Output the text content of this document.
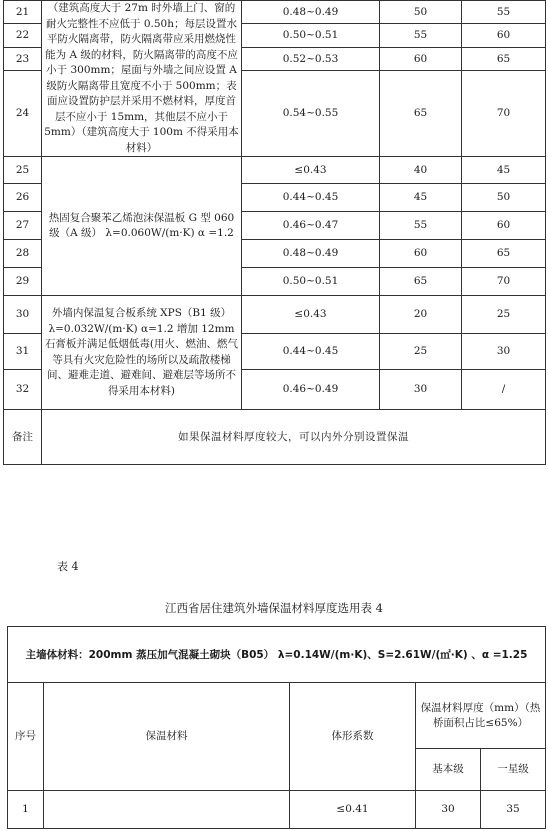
21	（建筑高度大于 27m 时外墙上门、窗的耐火完整性不应低于 0.50h；每层设置水平防火隔离带，防火隔离带应采用燃烧性能为 A 级的材料，防火隔离带的高度不应小于 300mm；屋面与外墙之间应设置 A 级防火隔离带且宽度不小于 500mm；表面应设置防护层并采用不燃材料，厚度首层不应小于 15mm，其他层不应小于 5mm）（建筑高度大于 100m 不得采用本材料）	0.48~0.49	50	55
22		0.50~0.51	55	60
23		0.52~0.53	60	65
24		0.54~0.55	65	70
25	热固复合聚苯乙烯泡沫保温板 G 型 060 级（A 级） λ=0.060W/(m·K) α =1.2	≤0.43	40	45
26		0.44~0.45	45	50
27		0.46~0.47	55	60
28		0.48~0.49	60	65
29		0.50~0.51	65	70
30	外墙内保温复合板系统 XPS（B1 级） λ=0.032W/(m·K) α=1.2 增加 12mm 石膏板并满足低烟低毒(用火、燃油、燃气等具有火灾危险性的场所以及疏散楼梯间、避难走道、避难间、避难层等场所不得采用本材料)	≤0.43	20	25
31		0.44~0.45	25	30
32		0.46~0.49	30	/
备注	如果保温材料厚度较大，可以内外分别设置保温			
表 4
江西省居住建筑外墙保温材料厚度选用表 4
主墙体材料：200mm 蒸压加气混凝土砌块（B05） λ=0.14W/(m·K)、S=2.61W/(㎡·K) 、α =1.25				
序号	保温材料	体形系数	保温材料厚度（mm）（热桥面积占比≤65%）	
			基本级	一星级
1		≤0.41	30	35
